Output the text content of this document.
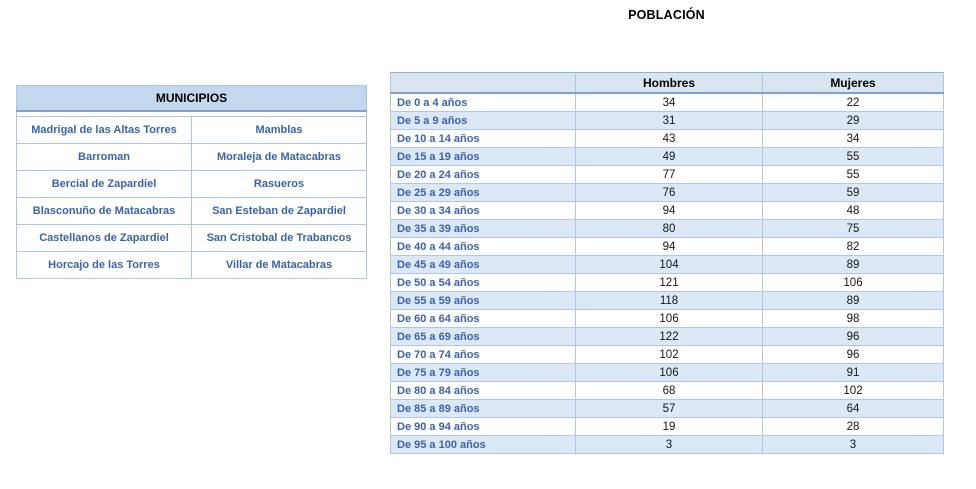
POBLACIÓN
MUNICIPIOS	

Madrigal de las Altas Torres	Mamblas
Barroman	Moraleja de Matacabras
Bercial de Zapardiel	Rasueros
Blasconuño de Matacabras	San Esteban de Zapardiel
Castellanos de Zapardiel	San Cristobal de Trabancos
Horcajo de las Torres	Villar de Matacabras
	Hombres	Mujeres
De 0 a 4 años	34	22
De 5 a 9 años	31	29
De 10 a 14 años	43	34
De 15 a 19 años	49	55
De 20 a 24 años	77	55
De 25 a 29 años	76	59
De 30 a 34 años	94	48
De 35 a 39 años	80	75
De 40 a 44 años	94	82
De 45 a 49 años	104	89
De 50 a 54 años	121	106
De 55 a 59 años	118	89
De 60 a 64 años	106	98
De 65 a 69 años	122	96
De 70 a 74 años	102	96
De 75 a 79 años	106	91
De 80 a 84 años	68	102
De 85 a 89 años	57	64
De 90 a 94 años	19	28
De 95 a 100 años	3	3
